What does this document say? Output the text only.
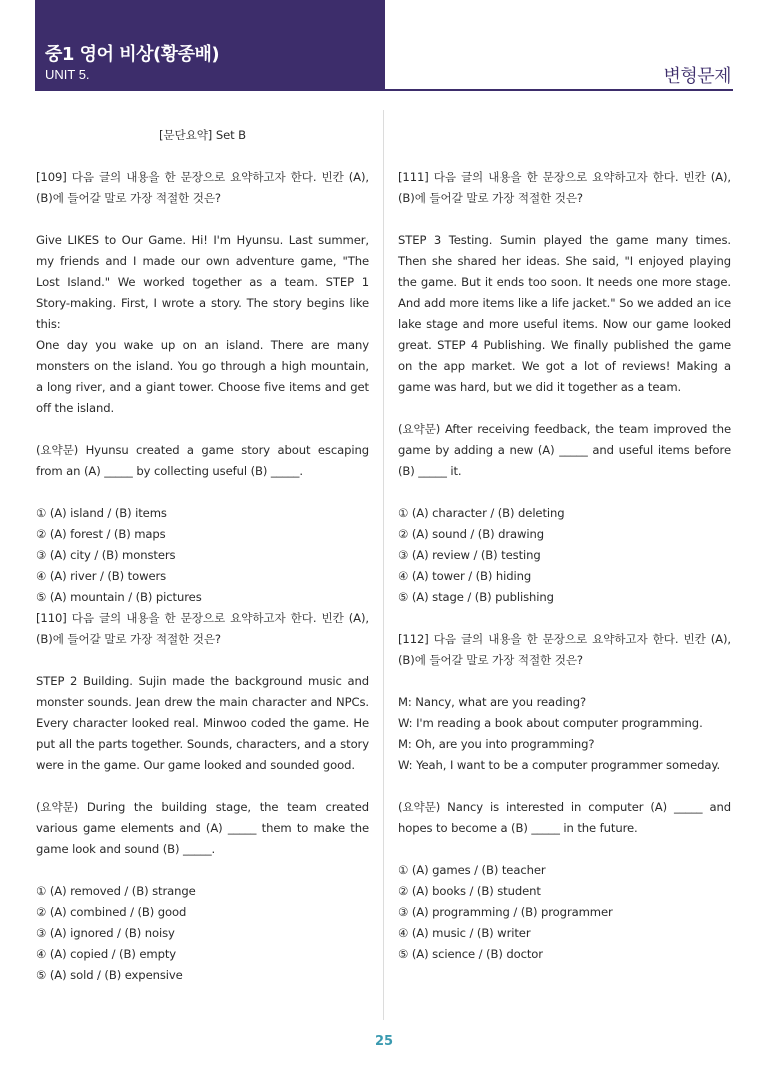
중1 영어 비상(황종배)
UNIT 5.	변형문제
[문단요약] Set B
[109] 다음 글의 내용을 한 문장으로 요약하고자 한다. 빈칸 (A), (B)에 들어갈 말로 가장 적절한 것은?
Give LIKES to Our Game. Hi! I'm Hyunsu. Last summer, my friends and I made our own adventure game, "The Lost Island." We worked together as a team. STEP 1 Story-making. First, I wrote a story. The story begins like this:
One day you wake up on an island. There are many monsters on the island. You go through a high mountain, a long river, and a giant tower. Choose five items and get off the island.
(요약문) Hyunsu created a game story about escaping from an (A) _____ by collecting useful (B) _____.
① (A) island / (B) items
② (A) forest / (B) maps
③ (A) city / (B) monsters
④ (A) river / (B) towers
⑤ (A) mountain / (B) pictures
[110] 다음 글의 내용을 한 문장으로 요약하고자 한다. 빈칸 (A), (B)에 들어갈 말로 가장 적절한 것은?
STEP 2 Building. Sujin made the background music and monster sounds. Jean drew the main character and NPCs. Every character looked real. Minwoo coded the game. He put all the parts together. Sounds, characters, and a story were in the game. Our game looked and sounded good.
(요약문) During the building stage, the team created various game elements and (A) _____ them to make the game look and sound (B) _____.
① (A) removed / (B) strange
② (A) combined / (B) good
③ (A) ignored / (B) noisy
④ (A) copied / (B) empty
⑤ (A) sold / (B) expensive
[111] 다음 글의 내용을 한 문장으로 요약하고자 한다. 빈칸 (A), (B)에 들어갈 말로 가장 적절한 것은?
STEP 3 Testing. Sumin played the game many times. Then she shared her ideas. She said, "I enjoyed playing the game. But it ends too soon. It needs one more stage. And add more items like a life jacket." So we added an ice lake stage and more useful items. Now our game looked great. STEP 4 Publishing. We finally published the game on the app market. We got a lot of reviews! Making a game was hard, but we did it together as a team.
(요약문) After receiving feedback, the team improved the game by adding a new (A) _____ and useful items before (B) _____ it.
① (A) character / (B) deleting
② (A) sound / (B) drawing
③ (A) review / (B) testing
④ (A) tower / (B) hiding
⑤ (A) stage / (B) publishing
[112] 다음 글의 내용을 한 문장으로 요약하고자 한다. 빈칸 (A), (B)에 들어갈 말로 가장 적절한 것은?
M: Nancy, what are you reading?
W: I'm reading a book about computer programming.
M: Oh, are you into programming?
W: Yeah, I want to be a computer programmer someday.
(요약문) Nancy is interested in computer (A) _____ and hopes to become a (B) _____ in the future.
① (A) games / (B) teacher
② (A) books / (B) student
③ (A) programming / (B) programmer
④ (A) music / (B) writer
⑤ (A) science / (B) doctor
25
